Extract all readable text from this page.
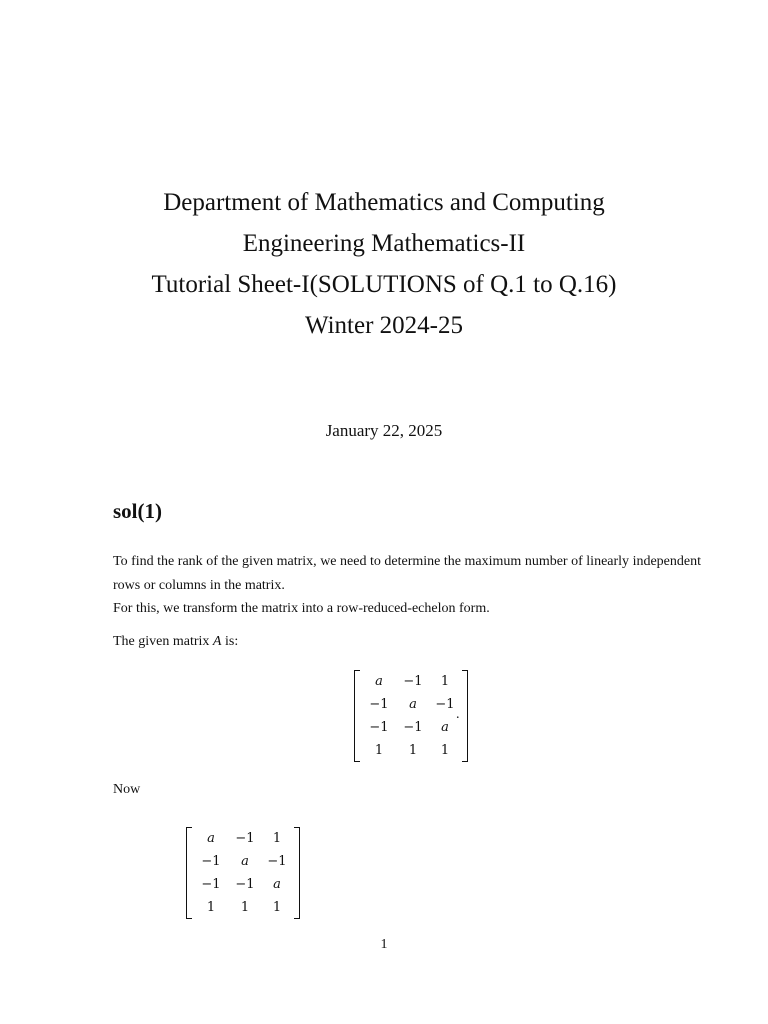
Department of Mathematics and Computing

Engineering Mathematics-II

Tutorial Sheet-I(SOLUTIONS of Q.1 to Q.16)

Winter 2024-25

January 22, 2025
sol(1)

To find the rank of the given matrix, we need to determine the maximum number of linearly independent rows or columns in the matrix.

For this, we transform the matrix into a row-reduced-echelon form.

The given matrix A is:

a	−1	1
−1	a	−1
−1	−1	a
1	1	1
.

Now

a	−1	1
−1	a	−1
−1	−1	a
1	1	1
1
